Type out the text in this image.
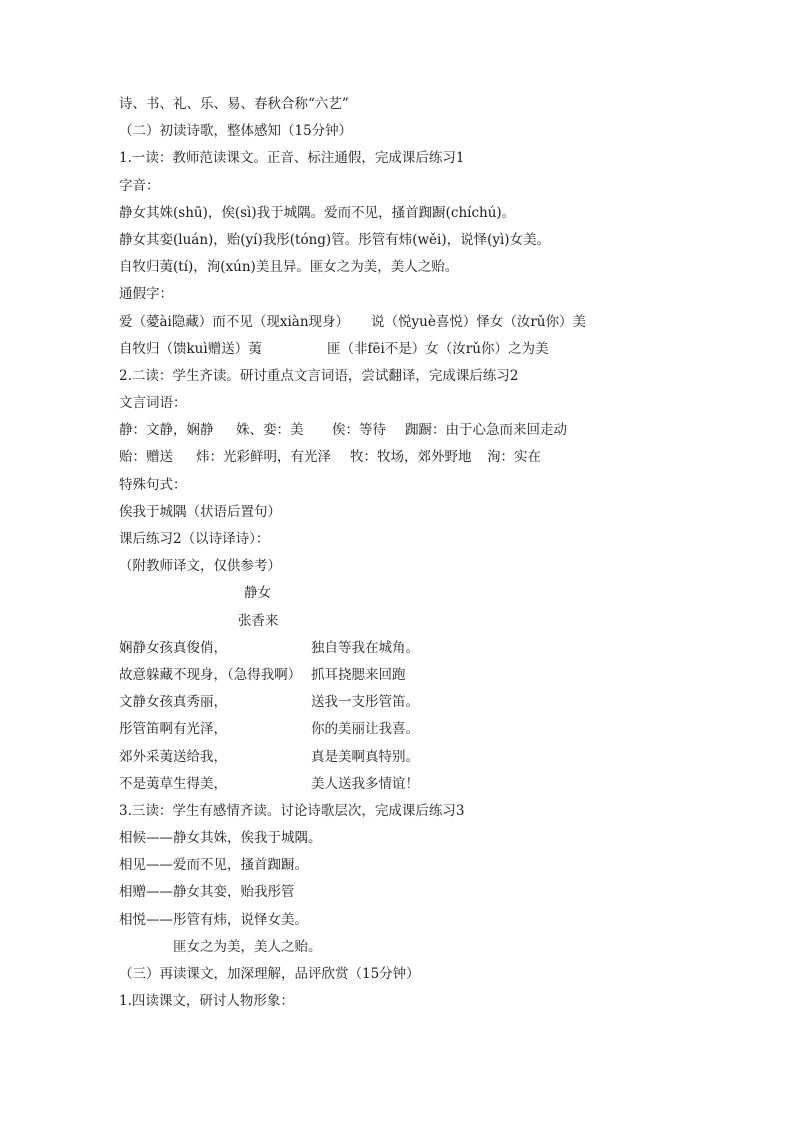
诗、书、礼、乐、易、春秋合称“六艺”
（二）初读诗歌，整体感知（15分钟）
1.一读：教师范读课文。正音、标注通假，完成课后练习1
字音：
静女其姝(shū)，俟(sì)我于城隅。爱而不见，搔首踟蹰(chíchú)。
静女其娈(luán)，贻(yí)我彤(tóng)管。彤管有炜(wěi)，说怿(yì)女美。
自牧归荑(tí)，洵(xún)美且异。匪女之为美，美人之贻。
通假字：
爱（薆ài隐藏）而不见（现xiàn现身） 说（悦yuè喜悦）怿女（汝rǔ你）美
自牧归（馈kuì赠送）荑	匪（非fēi不是）女（汝rǔ你）之为美
2.二读：学生齐读。研讨重点文言词语，尝试翻译，完成课后练习2
文言词语：
静：文静，娴静	姝、娈：美	俟：等待	踟蹰：由于心急而来回走动
贻：赠送	炜：光彩鲜明，有光泽	牧：牧场，郊外野地	洵：实在
特殊句式：
俟我于城隅（状语后置句）
课后练习2（以诗译诗）：
（附教师译文，仅供参考）
静女
张香来
娴静女孩真俊俏，	独自等我在城角。
故意躲藏不现身，（急得我啊） 抓耳挠腮来回跑
文静女孩真秀丽，	送我一支彤管笛。
彤管笛啊有光泽，	你的美丽让我喜。
郊外采荑送给我，	真是美啊真特别。
不是荑草生得美，	美人送我多情谊！
3.三读：学生有感情齐读。讨论诗歌层次，完成课后练习3
相候——静女其姝，俟我于城隅。
相见——爱而不见，搔首踟蹰。
相赠——静女其娈，贻我彤管
相悦——彤管有炜，说怿女美。
匪女之为美，美人之贻。
（三）再读课文，加深理解，品评欣赏（15分钟）
1.四读课文，研讨人物形象：
